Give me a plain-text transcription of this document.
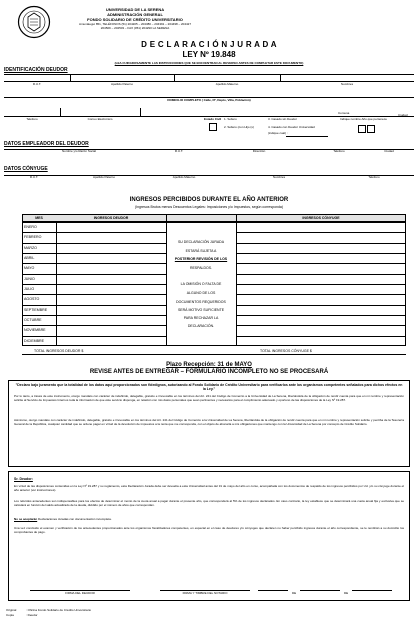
UNIVERSIDAD DE LA SERENA
ADMINISTRACIÓN GENERAL
FONDO SOLIDARIO DE CRÉDITO UNIVERSITARIO
Amunátegui 851, TELÉFONOS (51) 204205 – 204380 – 204391 – 204498 – 204427
204509 – 204503 – FAX (051) 204290 LA SERENA
D E C L A R A C I Ó N J U R A D A
LEY Nº 19.848
(LEA CUIDADOSAMENTE LAS INSTRUCCIONES QUE SE ENCUENTRAN AL REVERSO ANTES DE COMPLETAR ESTE DOCUMENTO)
IDENTIFICACIÓN DEUDOR
R.U.T.	Apellido Paterno	Apellido Materno	Nombres
DOMICILIO COMPLETO ( Calle, Nº, Depto, Villa, Población)
Comuna	Ciudad
Teléfono	Correo Electrónico	Estado Civil 1. Soltero
2. Soltero (con Hijo (s)
3. Casado sin Deudor
4. Casado con Deudor Universidad
(indique cual) :
Indique nombre Año que pertenece
DATOS EMPLEADOR DEL DEUDOR
Nombre y/o Razón Social	R.U.T.	Dirección	Teléfono	Ciudad
DATOS CÓNYUGE
R.U.T.	Apellido Paterno	Apellido Materno	Nombres	Teléfono
INGRESOS PERCIBIDOS DURANTE EL AÑO ANTERIOR
(Ingresos Brutos menos Descuentos Legales: Imposiciones y/o Impuestos, según corresponda)
MES	INGRESOS DEUDOR	INGRESOS CÓNYUGE
ENERO
FEBRERO
MARZO
ABRIL
MAYO
JUNIO
JULIO
AGOSTO
SEPTIEMBRE
OCTUBRE
NOVIEMBRE
DICIEMBRE
SU DECLARACIÓN JURADA
ESTARÁ SUJETA A
POSTERIOR REVISIÓN DE LOS
RESPALDOS.
LA OMISIÓN O FALTA DE
ALGUNO DE LOS
DOCUMENTOS REQUERIDOS
SERÁ MOTIVO SUFICIENTE
PARA RECHAZAR LA
DECLARACIÓN.
TOTAL INGRESOS DEUDOR $	TOTAL INGRESOS CÓNYUGE $
Plazo Recepción: 31 de MAYO
REVISE ANTES DE ENTREGAR – FORMULARIO INCOMPLETO NO SE PROCESARÁ
"Declaro bajo juramento que la totalidad de los datos aquí proporcionados son fidedignos, autorizando al Fondo Solidario de Crédito Universitario para verificarlos ante los organismos competentes señalados para dichos efectos en la Ley."
Por lo tanto, a través de este instrumento, otorgo mandato con carácter de indefinido, delegable, gratuito e irrevocable en los términos del Art. 241 del Código de Comercio a la Universidad de La Serena, libertándola de la obligación de rendir cuenta para que en mi nombre y representación solicite al Servicio de Impuestos Internos toda la información de que éste servicio disponga, en relación con mis datos personales que sean pertinentes y necesarios para el cumplimiento adecuado y oportuno de las disposiciones de la Ley Nº 19.287.
Asimismo, otorgo mandato con carácter de indefinido, delegable, gratuito e irrevocable en los términos del Art. 241 del Código de Comercio a la Universidad de La Serena, libertándola de la obligación de rendir cuenta para que en mi nombre y representación solicite y perciba de la Tesorería General de la República, cualquier cantidad que se ordene pagar en virtud de la devolución de impuestos a la renta que me corresponda, con el objeto de abonarla a mis obligaciones que mantengo con la Universidad de La Serena por concepto de Crédito Solidario.
Sr. Deudor:
En virtud de las disposiciones contenidas en la Ley Nº 19.287 y su reglamento, esta Declaración Jurada debe ser devuelta a esta Universidad antes del 31 de mayo del año en curso, acompañada con los documentos de respaldo de los ingresos percibidos por Ud. y/o su cónyuge durante el año anterior (ver instrucciones).
Los referidos antecedentes son indispensables para los efectos de determinar el monto de la cuota anual a pagar durante el presente año, que corresponderá al 5% de los ingresos declarados. En caso contrario, la ley establece que se determinará una cuota anual fija y exclusiva que se calculará en función del saldo actualizado de la deuda, dividido por el número de años que correspondan.
No se aceptarán Declaraciones Juradas con documentación incompleta.
Una vez concluido el examen y verificación de los antecedentes proporcionados ante los organismos fiscalizadores competentes, en especial en el caso de deudores y/o cónyuges que declaren no haber percibido ingresos durante el año correspondiente, se le remitirán a su domicilio los comprobantes de pago.
FIRMA DEL DEUDOR	FIRMA Y TIMBRE DEL NOTARIO	DE	DE
Original	: Oficina Fondo Solidario de Crédito Universitario
Copia	: Deudor
